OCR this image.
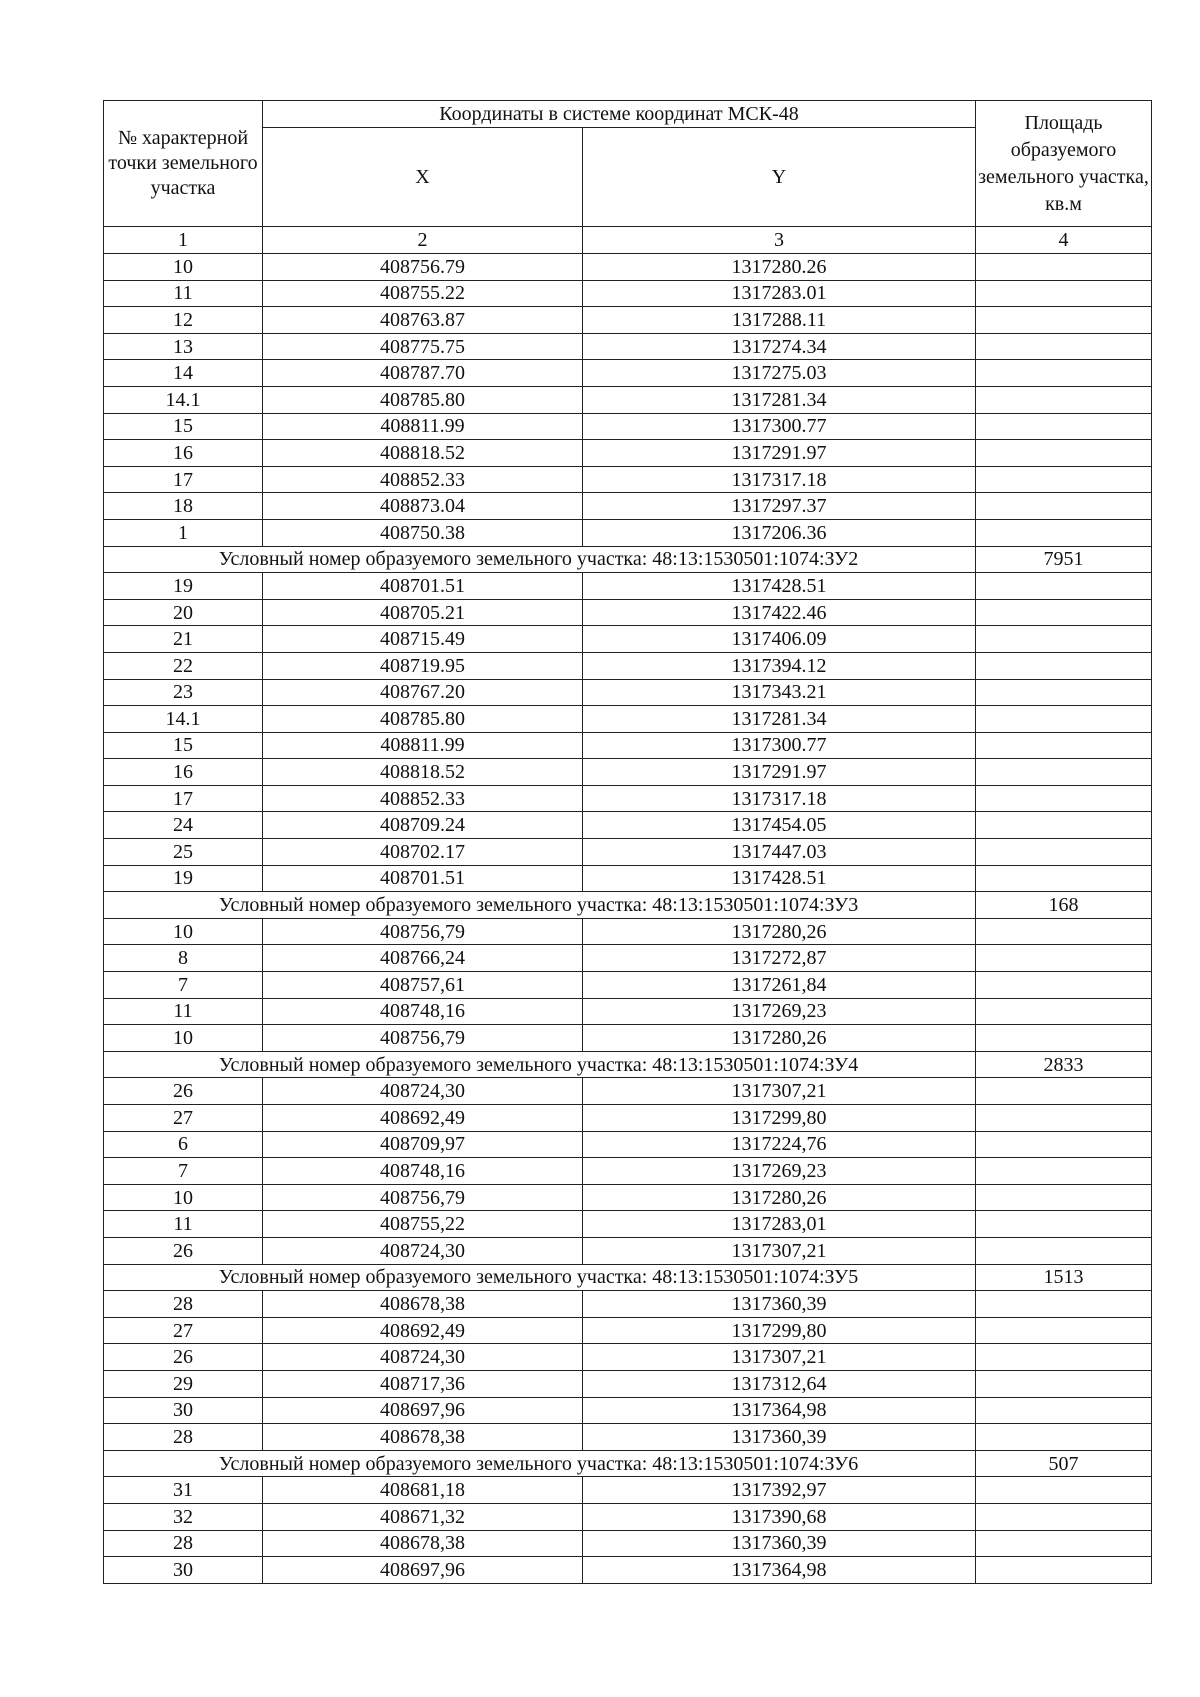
№ характерной точки земельного участка	Координаты в системе координат МСК-48		Площадь образуемого земельного участка, кв.м
	X	Y	
1	2	3	4
10	408756.79	1317280.26	
11	408755.22	1317283.01	
12	408763.87	1317288.11	
13	408775.75	1317274.34	
14	408787.70	1317275.03	
14.1	408785.80	1317281.34	
15	408811.99	1317300.77	
16	408818.52	1317291.97	
17	408852.33	1317317.18	
18	408873.04	1317297.37	
1	408750.38	1317206.36	
Условный номер образуемого земельного участка: 48:13:1530501:1074:ЗУ2			7951
19	408701.51	1317428.51	
20	408705.21	1317422.46	
21	408715.49	1317406.09	
22	408719.95	1317394.12	
23	408767.20	1317343.21	
14.1	408785.80	1317281.34	
15	408811.99	1317300.77	
16	408818.52	1317291.97	
17	408852.33	1317317.18	
24	408709.24	1317454.05	
25	408702.17	1317447.03	
19	408701.51	1317428.51	
Условный номер образуемого земельного участка: 48:13:1530501:1074:ЗУ3			168
10	408756,79	1317280,26	
8	408766,24	1317272,87	
7	408757,61	1317261,84	
11	408748,16	1317269,23	
10	408756,79	1317280,26	
Условный номер образуемого земельного участка: 48:13:1530501:1074:ЗУ4			2833
26	408724,30	1317307,21	
27	408692,49	1317299,80	
6	408709,97	1317224,76	
7	408748,16	1317269,23	
10	408756,79	1317280,26	
11	408755,22	1317283,01	
26	408724,30	1317307,21	
Условный номер образуемого земельного участка: 48:13:1530501:1074:ЗУ5			1513
28	408678,38	1317360,39	
27	408692,49	1317299,80	
26	408724,30	1317307,21	
29	408717,36	1317312,64	
30	408697,96	1317364,98	
28	408678,38	1317360,39	
Условный номер образуемого земельного участка: 48:13:1530501:1074:ЗУ6			507
31	408681,18	1317392,97	
32	408671,32	1317390,68	
28	408678,38	1317360,39	
30	408697,96	1317364,98	
